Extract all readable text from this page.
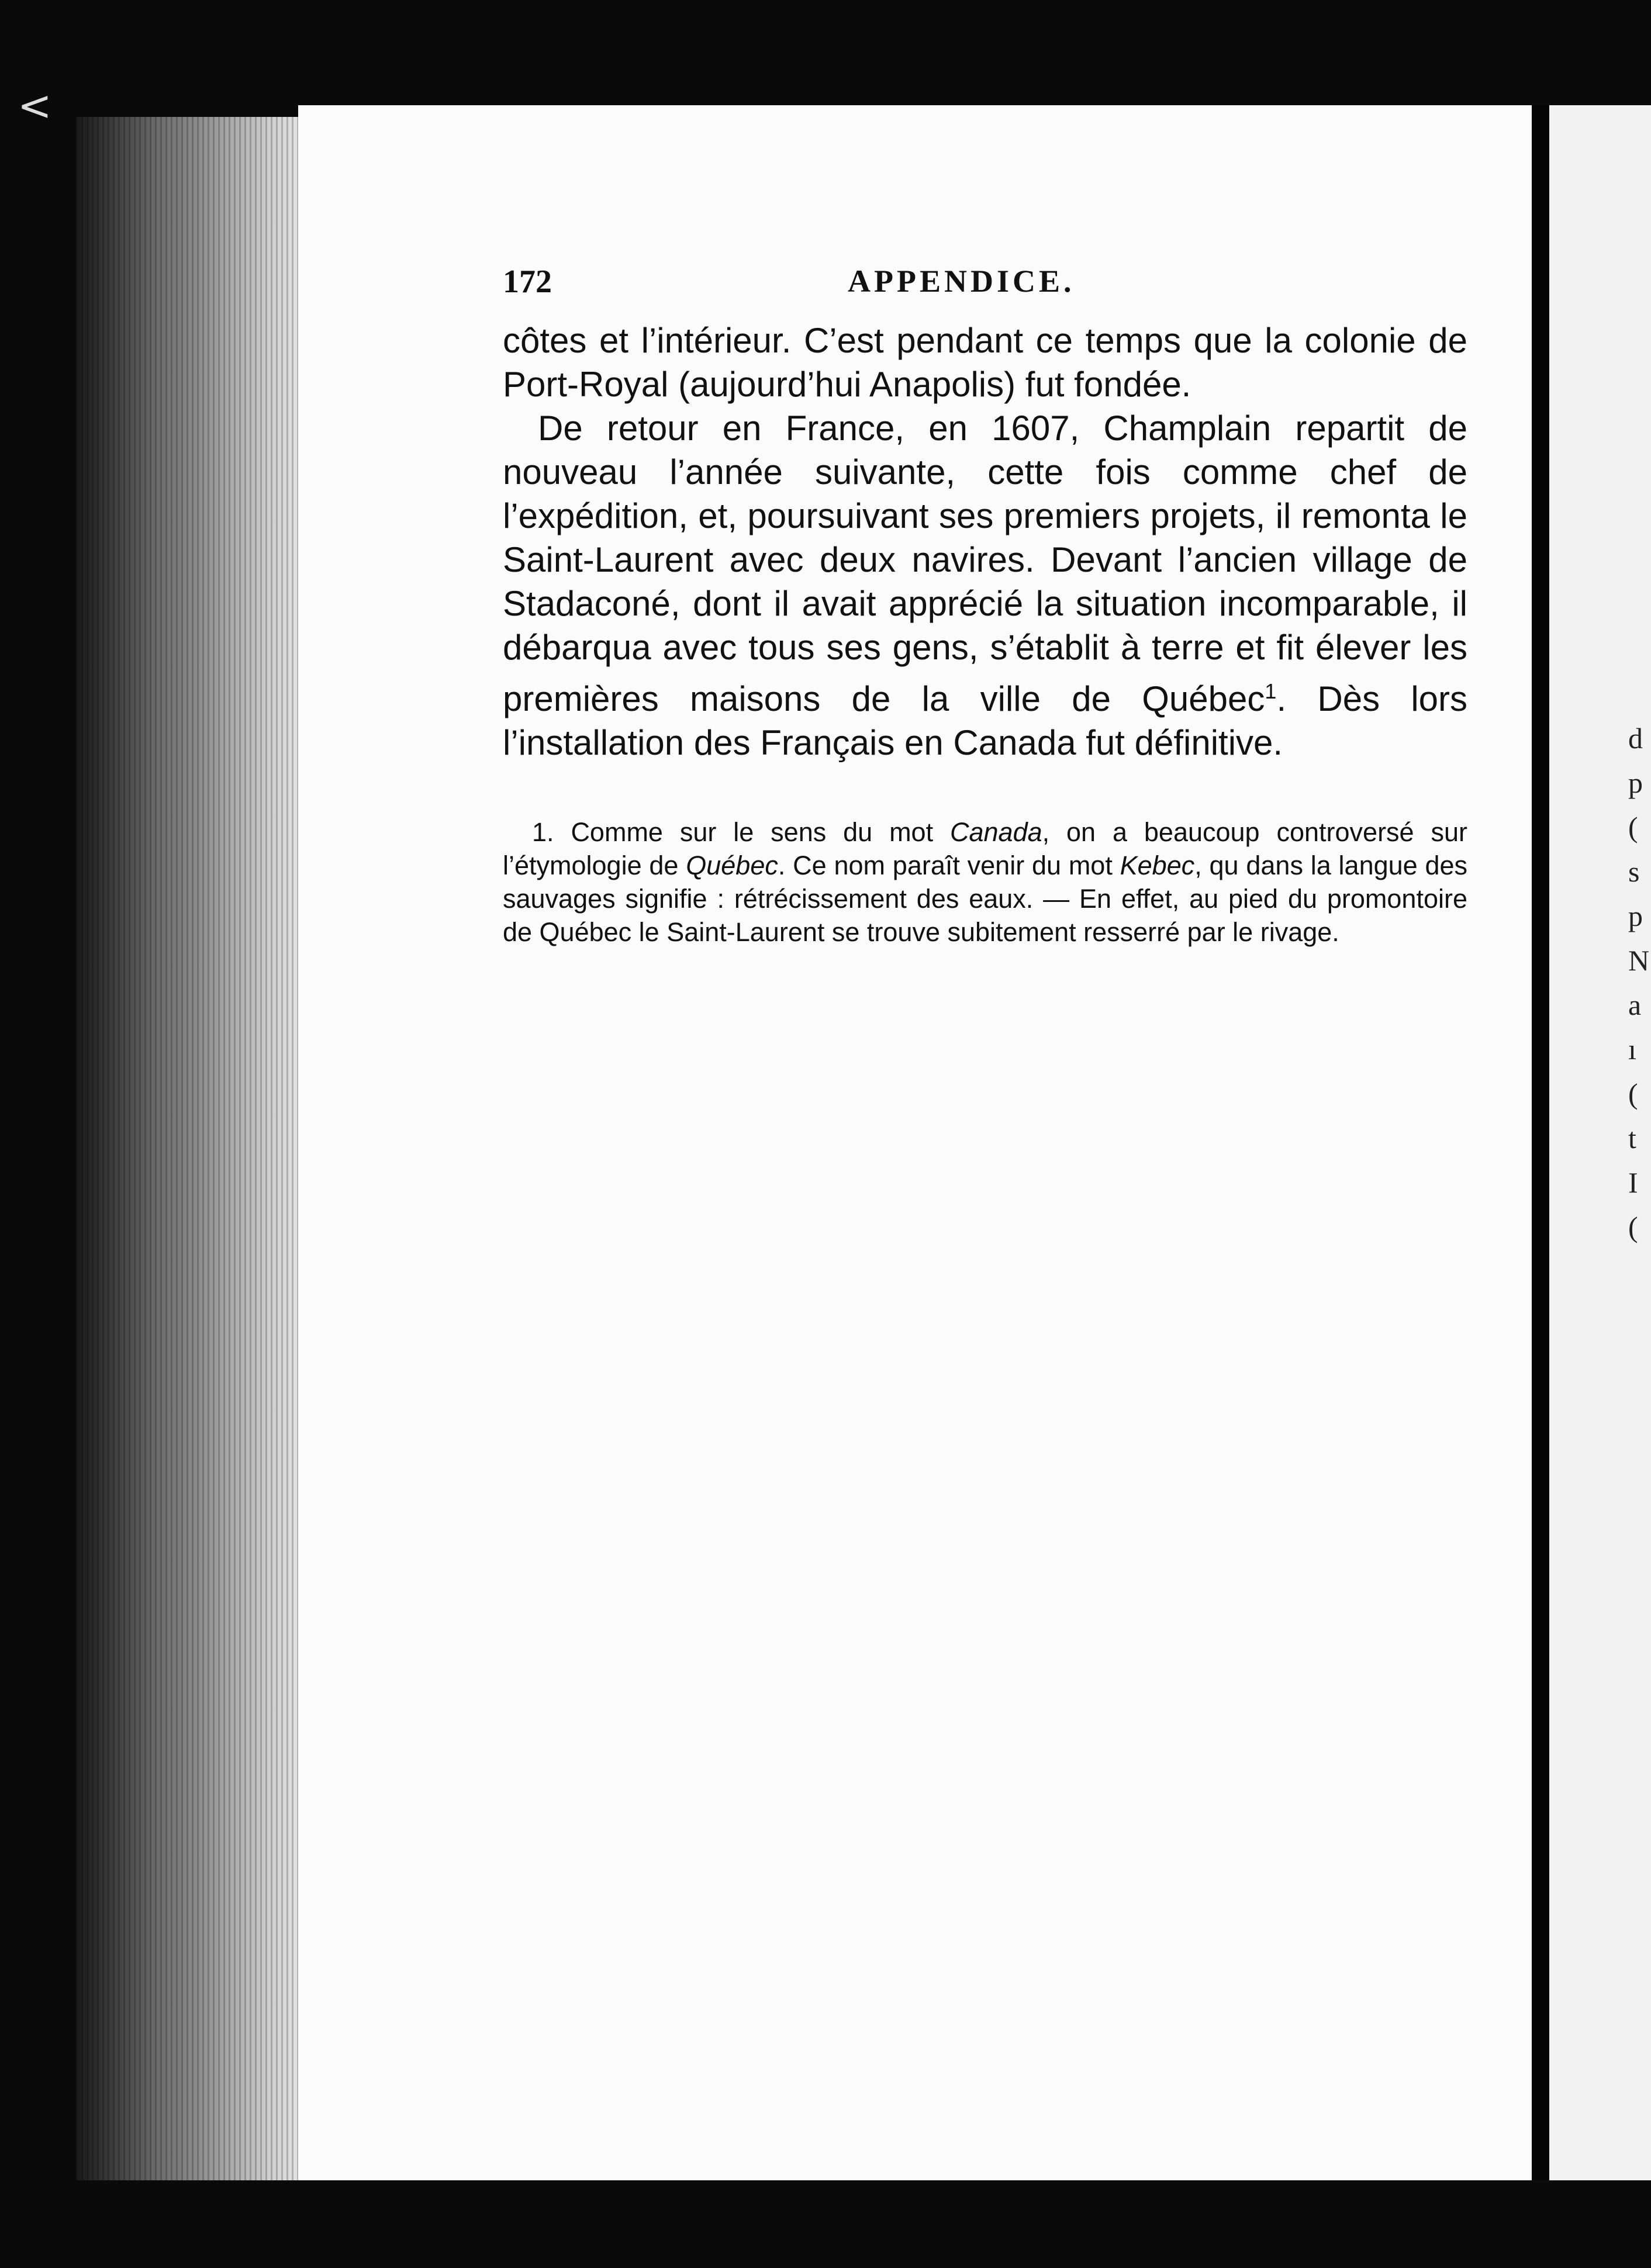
<
172	APPENDICE.

côtes et l’intérieur. C’est pendant ce temps que la colonie de Port-Royal (aujourd’hui Anapolis) fut fondée.

De retour en France, en 1607, Champlain repartit de nouveau l’année suivante, cette fois comme chef de l’expédition, et, poursuivant ses premiers projets, il remonta le Saint-Laurent avec deux navires. Devant l’ancien village de Stadaconé, dont il avait apprécié la situation incomparable, il débarqua avec tous ses gens, s’établit à terre et fit élever les premières maisons de la ville de Québec$^1$. Dès lors l’installation des Français en Canada fut définitive.

1. Comme sur le sens du mot Canada, on a beaucoup controversé sur l’étymologie de Québec. Ce nom paraît venir du mot Kebec, qu dans la langue des sauvages signifie : rétrécissement des eaux. — En effet, au pied du promontoire de Québec le Saint-Laurent se trouve subitement resserré par le rivage.
d
p
(
s
p
N
a
ı
(
t
I
(
